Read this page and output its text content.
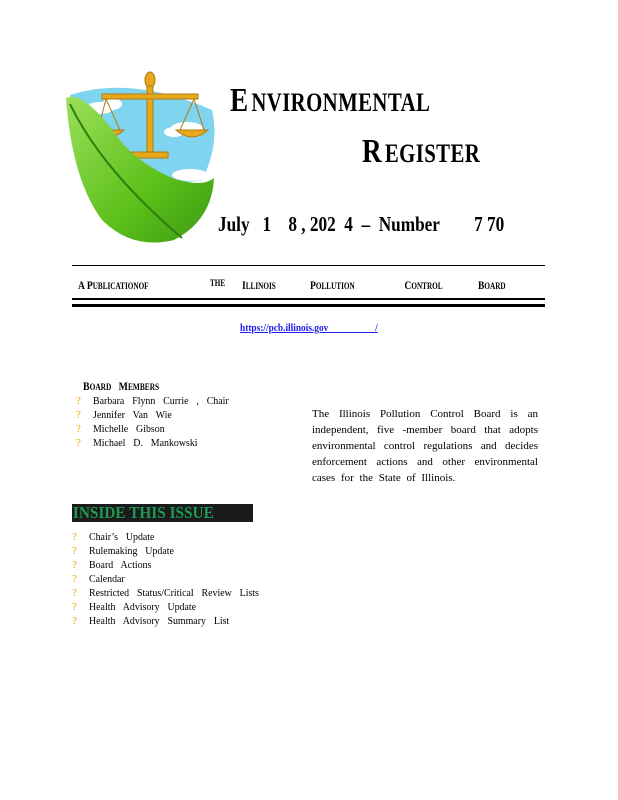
E NVIRONMENTAL
R EGISTER
July   1    8 , 202  4  –  Number        7 70
A PUBLICATIONOF	THE ILLINOIS	POLLUTION	CONTROL	BOARD
https://pcb.illinois.gov                    /
BOARD MEMBERS
? Barbara Flynn Currie , Chair
? Jennifer Van Wie
? Michelle Gibson
? Michael D. Mankowski

The Illinois Pollution Control Board is an independent, five -member board that adopts environmental control regulations and decides enforcement actions and other environmental cases for the State of Illinois.

INSIDE THIS ISSUE
? Chair’s Update
? Rulemaking Update
? Board Actions
? Calendar
? Restricted Status/Critical Review Lists
? Health Advisory Update
? Health Advisory Summary List
